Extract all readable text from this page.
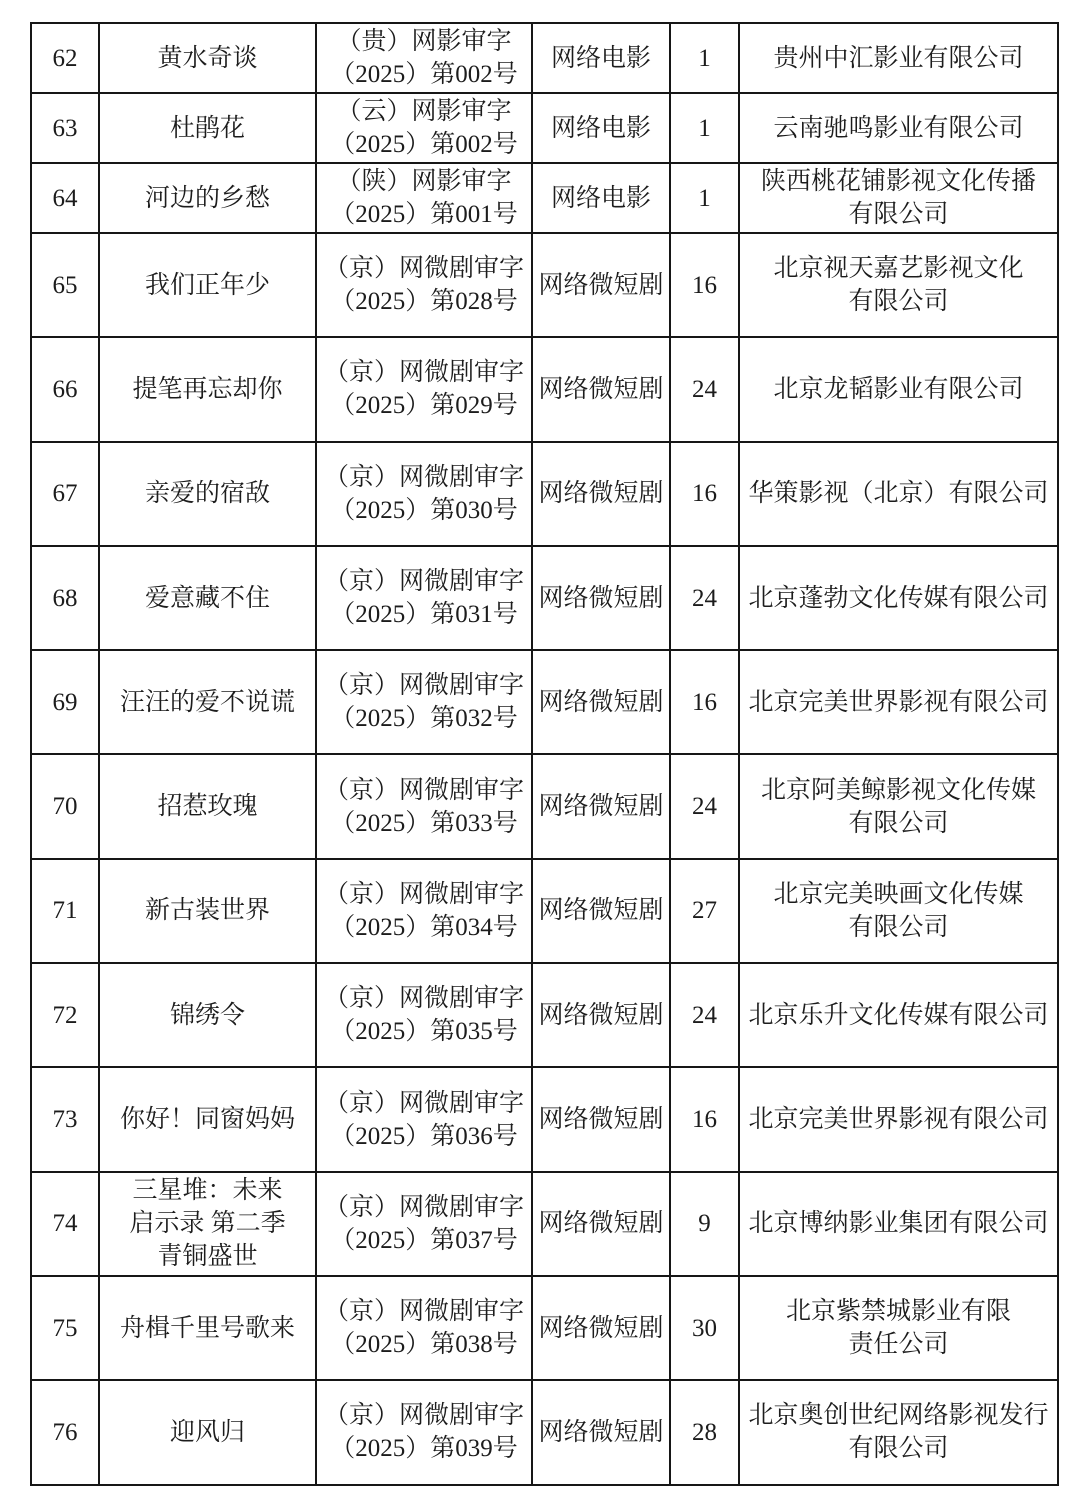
62	黄水奇谈	（贵）网影审字
（2025）第002号	网络电影	1	贵州中汇影业有限公司

63	杜鹃花	（云）网影审字
（2025）第002号	网络电影	1	云南驰鸣影业有限公司

64	河边的乡愁	（陕）网影审字
（2025）第001号	网络电影	1	陕西桃花铺影视文化传播
有限公司

65	我们正年少	（京）网微剧审字
（2025）第028号	网络微短剧	16	北京视天嘉艺影视文化
有限公司

66	提笔再忘却你	（京）网微剧审字
（2025）第029号	网络微短剧	24	北京龙韬影业有限公司

67	亲爱的宿敌	（京）网微剧审字
（2025）第030号	网络微短剧	16	华策影视（北京）有限公司

68	爱意藏不住	（京）网微剧审字
（2025）第031号	网络微短剧	24	北京蓬勃文化传媒有限公司

69	汪汪的爱不说谎	（京）网微剧审字
（2025）第032号	网络微短剧	16	北京完美世界影视有限公司

70	招惹玫瑰	（京）网微剧审字
（2025）第033号	网络微短剧	24	北京阿美鲸影视文化传媒
有限公司

71	新古装世界	（京）网微剧审字
（2025）第034号	网络微短剧	27	北京完美映画文化传媒
有限公司

72	锦绣令	（京）网微剧审字
（2025）第035号	网络微短剧	24	北京乐升文化传媒有限公司

73	你好！同窗妈妈	（京）网微剧审字
（2025）第036号	网络微短剧	16	北京完美世界影视有限公司

74	三星堆：未来
启示录 第二季
青铜盛世	（京）网微剧审字
（2025）第037号	网络微短剧	9	北京博纳影业集团有限公司

75	舟楫千里号歌来	（京）网微剧审字
（2025）第038号	网络微短剧	30	北京紫禁城影业有限
责任公司

76	迎风归	（京）网微剧审字
（2025）第039号	网络微短剧	28	北京奥创世纪网络影视发行
有限公司
